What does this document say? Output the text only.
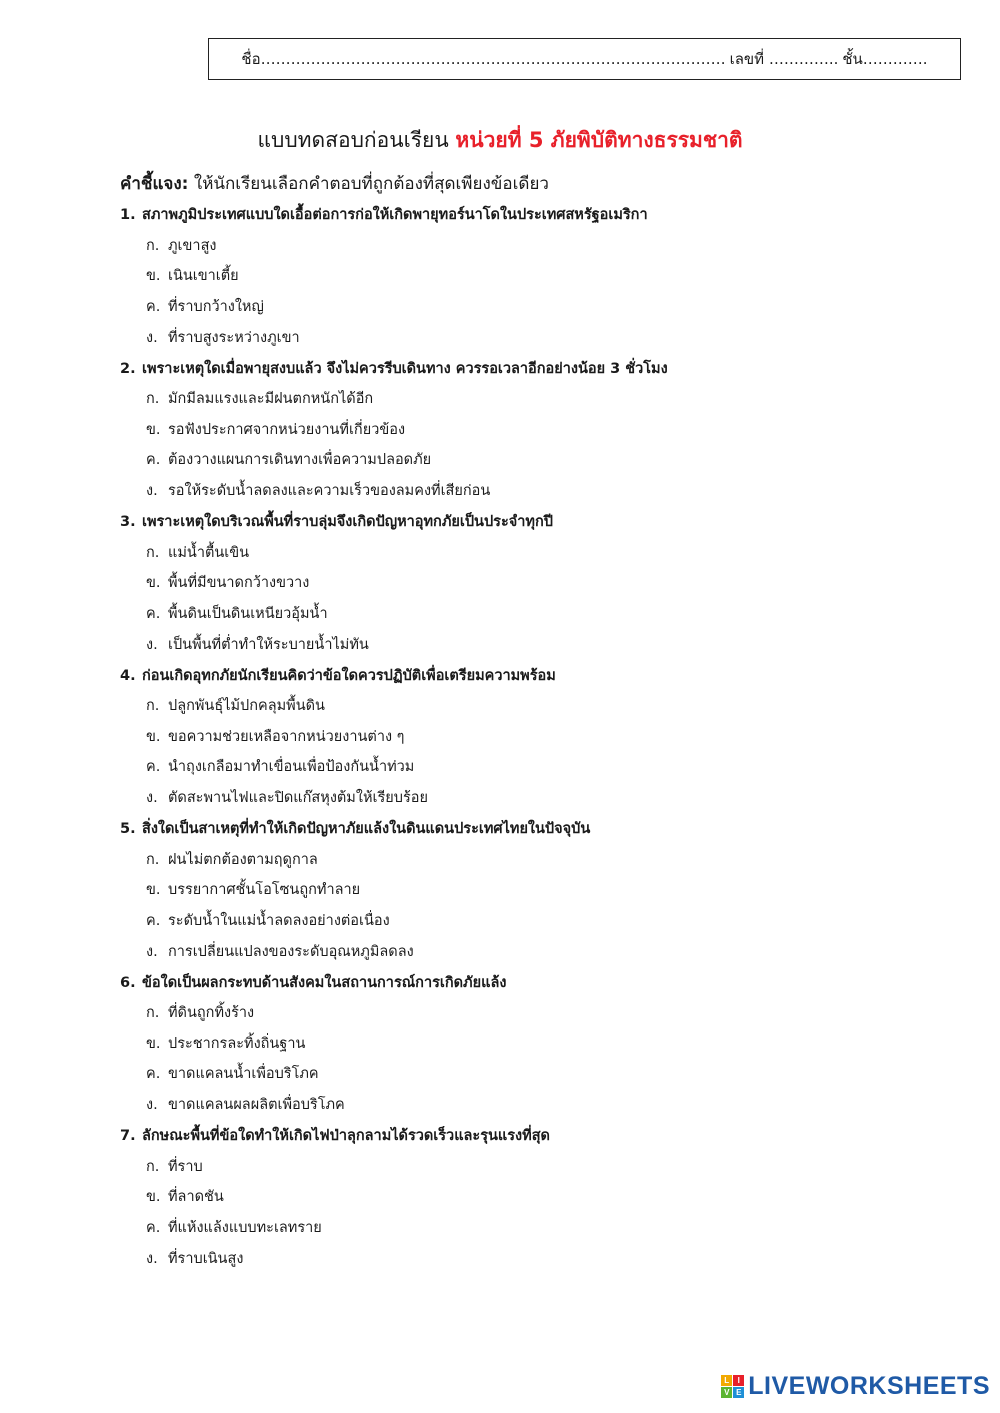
ชื่อ………………………………………………………………………………… เลขที่ ………….. ชั้น………….
แบบทดสอบก่อนเรียน หน่วยที่ 5 ภัยพิบัติทางธรรมชาติ
คำชี้แจง: ให้นักเรียนเลือกคำตอบที่ถูกต้องที่สุดเพียงข้อเดียว
1. สภาพภูมิประเทศแบบใดเอื้อต่อการก่อให้เกิดพายุทอร์นาโดในประเทศสหรัฐอเมริกา
ก. ภูเขาสูง
ข. เนินเขาเตี้ย
ค. ที่ราบกว้างใหญ่
ง. ที่ราบสูงระหว่างภูเขา
2. เพราะเหตุใดเมื่อพายุสงบแล้ว จึงไม่ควรรีบเดินทาง ควรรอเวลาอีกอย่างน้อย 3 ชั่วโมง
ก. มักมีลมแรงและมีฝนตกหนักได้อีก
ข. รอฟังประกาศจากหน่วยงานที่เกี่ยวข้อง
ค. ต้องวางแผนการเดินทางเพื่อความปลอดภัย
ง. รอให้ระดับน้ำลดลงและความเร็วของลมคงที่เสียก่อน
3. เพราะเหตุใดบริเวณพื้นที่ราบลุ่มจึงเกิดปัญหาอุทกภัยเป็นประจำทุกปี
ก. แม่น้ำตื้นเขิน
ข. พื้นที่มีขนาดกว้างขวาง
ค. พื้นดินเป็นดินเหนียวอุ้มน้ำ
ง. เป็นพื้นที่ต่ำทำให้ระบายน้ำไม่ทัน
4. ก่อนเกิดอุทกภัยนักเรียนคิดว่าข้อใดควรปฏิบัติเพื่อเตรียมความพร้อม
ก. ปลูกพันธุ์ไม้ปกคลุมพื้นดิน
ข. ขอความช่วยเหลือจากหน่วยงานต่าง ๆ
ค. นำถุงเกลือมาทำเขื่อนเพื่อป้องกันน้ำท่วม
ง. ตัดสะพานไฟและปิดแก๊สหุงต้มให้เรียบร้อย
5. สิ่งใดเป็นสาเหตุที่ทำให้เกิดปัญหาภัยแล้งในดินแดนประเทศไทยในปัจจุบัน
ก. ฝนไม่ตกต้องตามฤดูกาล
ข. บรรยากาศชั้นโอโซนถูกทำลาย
ค. ระดับน้ำในแม่น้ำลดลงอย่างต่อเนื่อง
ง. การเปลี่ยนแปลงของระดับอุณหภูมิลดลง
6. ข้อใดเป็นผลกระทบด้านสังคมในสถานการณ์การเกิดภัยแล้ง
ก. ที่ดินถูกทิ้งร้าง
ข. ประชากรละทิ้งถิ่นฐาน
ค. ขาดแคลนน้ำเพื่อบริโภค
ง. ขาดแคลนผลผลิตเพื่อบริโภค
7. ลักษณะพื้นที่ข้อใดทำให้เกิดไฟป่าลุกลามได้รวดเร็วและรุนแรงที่สุด
ก. ที่ราบ
ข. ที่ลาดชัน
ค. ที่แห้งแล้งแบบทะเลทราย
ง. ที่ราบเนินสูง
L	I
V E LIVEWORKSHEETS
